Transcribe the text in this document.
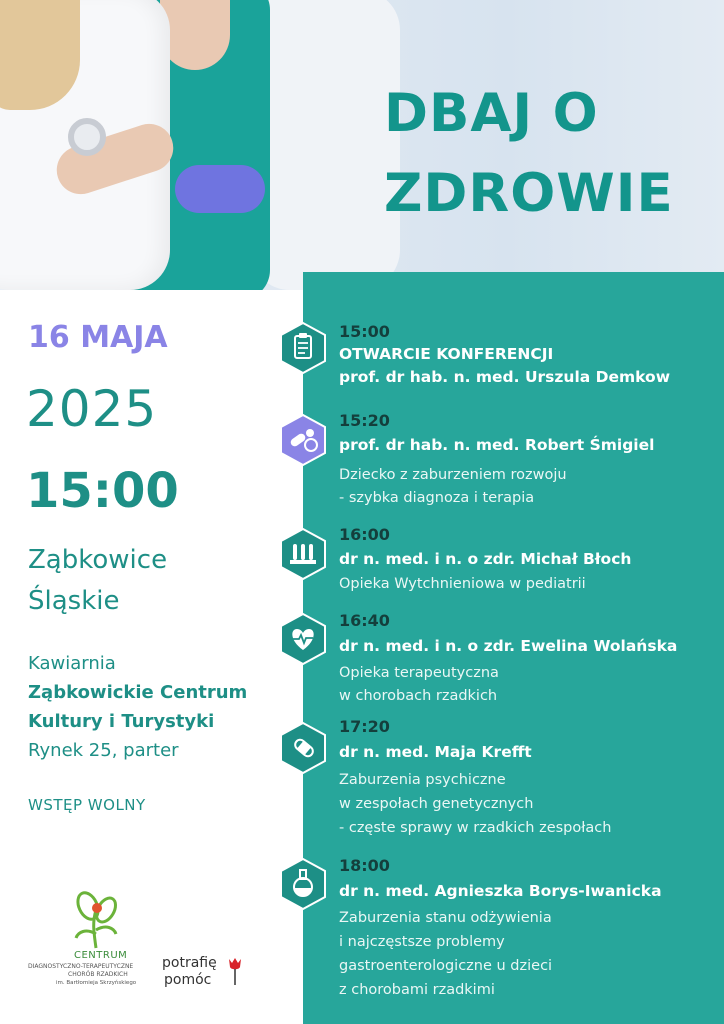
DBAJ O
ZDROWIE
16 MAJA
2025
15:00
Ząbkowice
Śląskie
Kawiarnia
Ząbkowickie Centrum
Kultury i Turystyki
Rynek 25, parter
WSTĘP WOLNY
CENTRUM
DIAGNOSTYCZNO-TERAPEUTYCZNE
CHORÓB RZADKICH
im. Bartłomieja Skrzyńskiego
potrafię
pomóc
15:00
OTWARCIE KONFERENCJI
prof. dr hab. n. med. Urszula Demkow
15:20
prof. dr hab. n. med. Robert Śmigiel
Dziecko z zaburzeniem rozwoju
- szybka diagnoza i terapia
16:00
dr n. med. i n. o zdr. Michał Błoch
Opieka Wytchnieniowa w pediatrii
16:40
dr n. med. i n. o zdr. Ewelina Wolańska
Opieka terapeutyczna
w chorobach rzadkich
17:20
dr n. med. Maja Krefft
Zaburzenia psychiczne
w zespołach genetycznych
- częste sprawy w rzadkich zespołach
18:00
dr n. med. Agnieszka Borys-Iwanicka
Zaburzenia stanu odżywienia
i najczęstsze problemy
gastroenterologiczne u dzieci
z chorobami rzadkimi
